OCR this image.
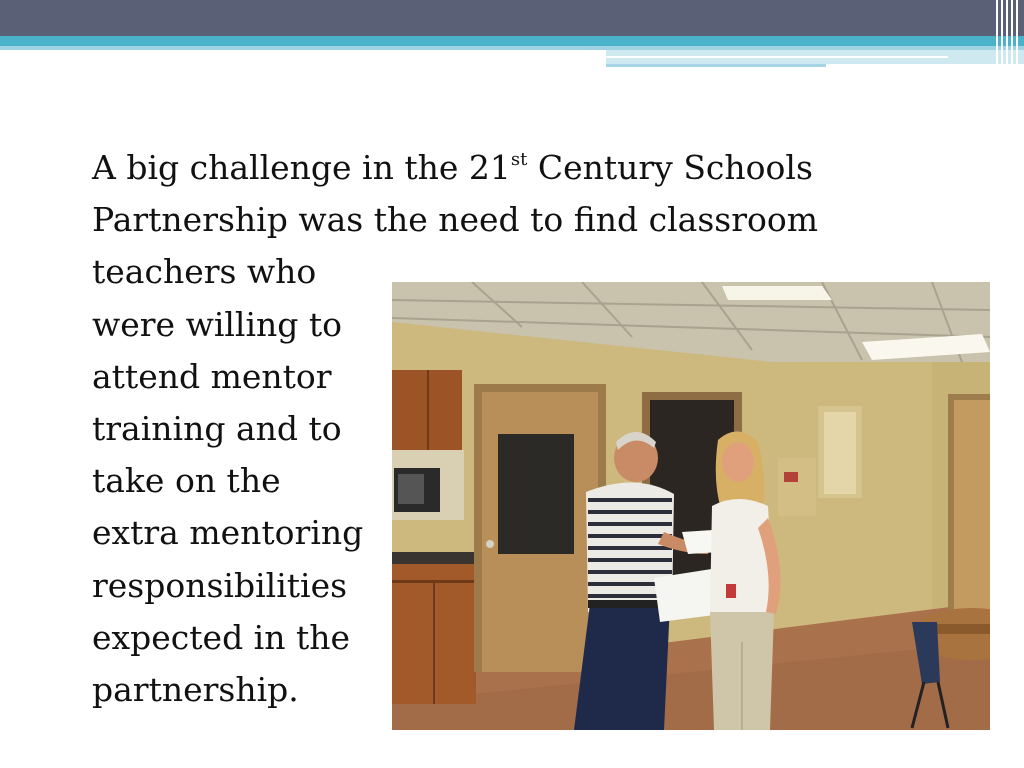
A big challenge in the 21st Century Schools
Partnership was the need to find classroom
teachers who
were willing to
attend mentor
training and to
take on the
extra mentoring
responsibilities
expected in the
partnership.
